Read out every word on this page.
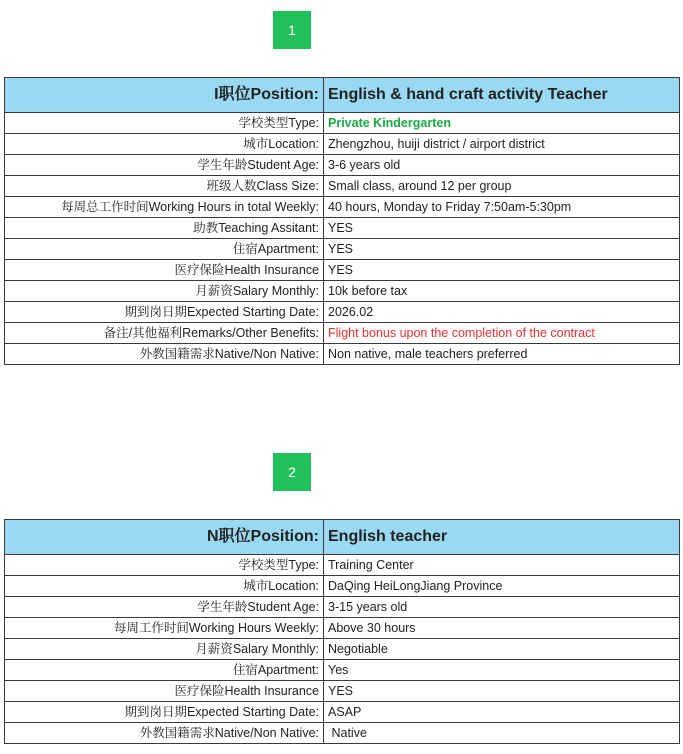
1
I职位Position:	English & hand craft activity Teacher
学校类型Type:	Private Kindergarten
城市Location:	Zhengzhou, huiji district / airport district
学生年龄Student Age:	3-6 years old
班级人数Class Size:	Small class, around 12 per group
每周总工作时间Working Hours in total Weekly:	40 hours, Monday to Friday 7:50am-5:30pm
助教Teaching Assitant:	YES
住宿Apartment:	YES
医疗保险Health Insurance	YES
月薪资Salary Monthly:	10k before tax
期到岗日期Expected Starting Date:	2026.02
备注/其他福利Remarks/Other Benefits:	Flight bonus upon the completion of the contract
外教国籍需求Native/Non Native:	Non native, male teachers preferred
2
N职位Position:	English teacher
学校类型Type:	Training Center
城市Location:	DaQing HeiLongJiang Province
学生年龄Student Age:	3-15 years old
每周工作时间Working Hours Weekly:	Above 30 hours
月薪资Salary Monthly:	Negotiable
住宿Apartment:	Yes
医疗保险Health Insurance	YES
期到岗日期Expected Starting Date:	ASAP
外教国籍需求Native/Non Native:	Native
